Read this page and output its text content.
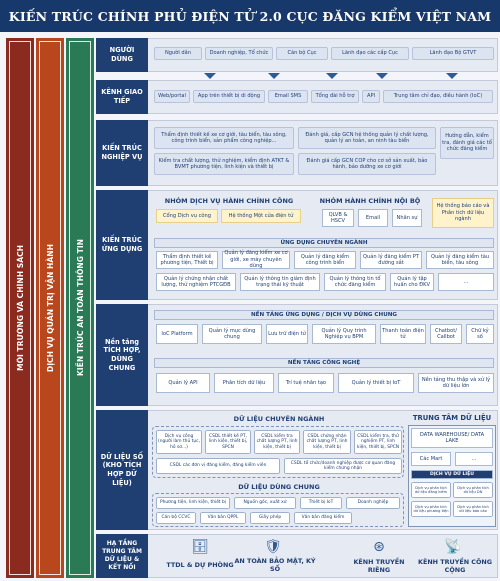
KIẾN TRÚC CHÍNH PHỦ ĐIỆN TỬ 2.0 CỤC ĐĂNG KIỂM VIỆT NAM
MÔI TRƯỜNG VÀ CHÍNH SÁCH	DỊCH VỤ QUẢN TRỊ VẬN HÀNH	KIẾN TRÚC AN TOÀN THÔNG TIN
NGƯỜI DÙNG
Người dân	Doanh nghiệp, Tổ chức	Cán bộ Cục	Lãnh đạo các cấp Cục	Lãnh đạo Bộ GTVT
KÊNH GIAO TIẾP
Web/portal	App trên thiết bị di động	Email SMS	Tổng đài hỗ trợ	API	Trung tâm chỉ đạo, điều hành (IoC)
KIẾN TRÚC NGHIỆP VỤ
Thẩm định thiết kế xe cơ giới, tàu biển, tàu sông, công trình biển, sản phẩm công nghiệp...
Đánh giá, cấp GCN hệ thống quản lý chất lượng, quản lý an toàn, an ninh tàu biển
Hướng dẫn, kiểm tra, đánh giá các tổ chức đăng kiểm
Kiểm tra chất lượng, thử nghiệm, kiểm định ATKT & BVMT phương tiện, linh kiện và thiết bị
Đánh giá cấp GCN COP cho cơ sở sản xuất, bảo hành, bảo dưỡng xe cơ giới
KIẾN TRÚC ỨNG DỤNG
NHÓM DỊCH VỤ HÀNH CHÍNH CÔNG
Cổng Dịch vụ công	Hệ thống Một cửa điện tử
NHÓM HÀNH CHÍNH NỘI BỘ
QLVB & HSCV
Email	Nhân sự
Hệ thống báo cáo và Phân tích dữ liệu ngành
ỨNG DỤNG CHUYÊN NGÀNH
Thẩm định thiết kế phương tiện, Thiết bị
Quản lý đăng kiểm xe cơ giới, xe máy chuyên dùng
Quản lý đăng kiểm công trình biển
Quản lý đăng kiểm PT đường sắt
Quản lý đăng kiểm tàu biển, tàu sông
Quản lý chứng nhận chất lượng, thử nghiệm PTCGĐB
Quản lý thông tin giám định trạng thái kỹ thuật
Quản lý thông tin tổ chức đăng kiểm
Quản lý tập huấn cho ĐKV
...
Nền tảng TÍCH HỢP, DÙNG CHUNG
NỀN TẢNG ỨNG DỤNG / DỊCH VỤ DÙNG CHUNG
IoC Platform
Quản lý mục dùng chung
Lưu trữ điện tử
Quản lý Quy trình Nghiệp vụ BPM
Thanh toán điện tử
Chatbot/ Callbot
Chữ ký số
NỀN TẢNG CÔNG NGHỆ
Quản lý API	Phân tích dữ liệu	Trí tuệ nhân tạo	Quản lý thiết bị IoT
Nền tảng thu thập và xử lý dữ liệu lớn
DỮ LIỆU SỐ (KHO TÍCH HỢP DỮ LIỆU)
DỮ LIỆU CHUYÊN NGÀNH
Dịch vụ công (người làm thủ tục, hồ sơ...)
CSDL thiết kế PT, linh kiện, thiết bị, SPCN
CSDL kiểm tra chất lượng PT, linh kiện, thiết bị
CSDL chứng nhận chất lượng PT, linh kiện, thiết bị
CSDL kiểm tra, thử nghiệm PT, linh kiện, thiết bị, SPCN
CSDL các đơn vị đăng kiểm, đăng kiểm viên
CSDL tổ chức/doanh nghiệp được cơ quan đăng kiểm chứng nhận
DỮ LIỆU DÙNG CHUNG
Phương tiện, linh kiện, thiết bị	Nguồn gốc, xuất xứ	Thiết bị IoT	Doanh nghiệp
Cán bộ CCVC	Văn bản QPPL	Giấy phép	Văn bản đăng kiểm
TRUNG TÂM DỮ LIỆU
DATA WAREHOUSE/ DATA LAKE
Các Mart	...
DỊCH VỤ DỮ LIỆU
Dịch vụ phân tích dữ liệu đăng kiểm
Dịch vụ phân tích dữ liệu DN
Dịch vụ phân tích dữ liệu phương tiện
Dịch vụ phân tích dữ liệu báo cáo
HẠ TẦNG TRUNG TÂM DỮ LIỆU & KẾT NỐI
🗄
TTDL & DỰ PHÒNG
🛡
AN TOÀN BẢO MẬT, KÝ SỐ
⊛
KÊNH TRUYỀN RIÊNG
📡
KÊNH TRUYỀN CÔNG CỘNG
